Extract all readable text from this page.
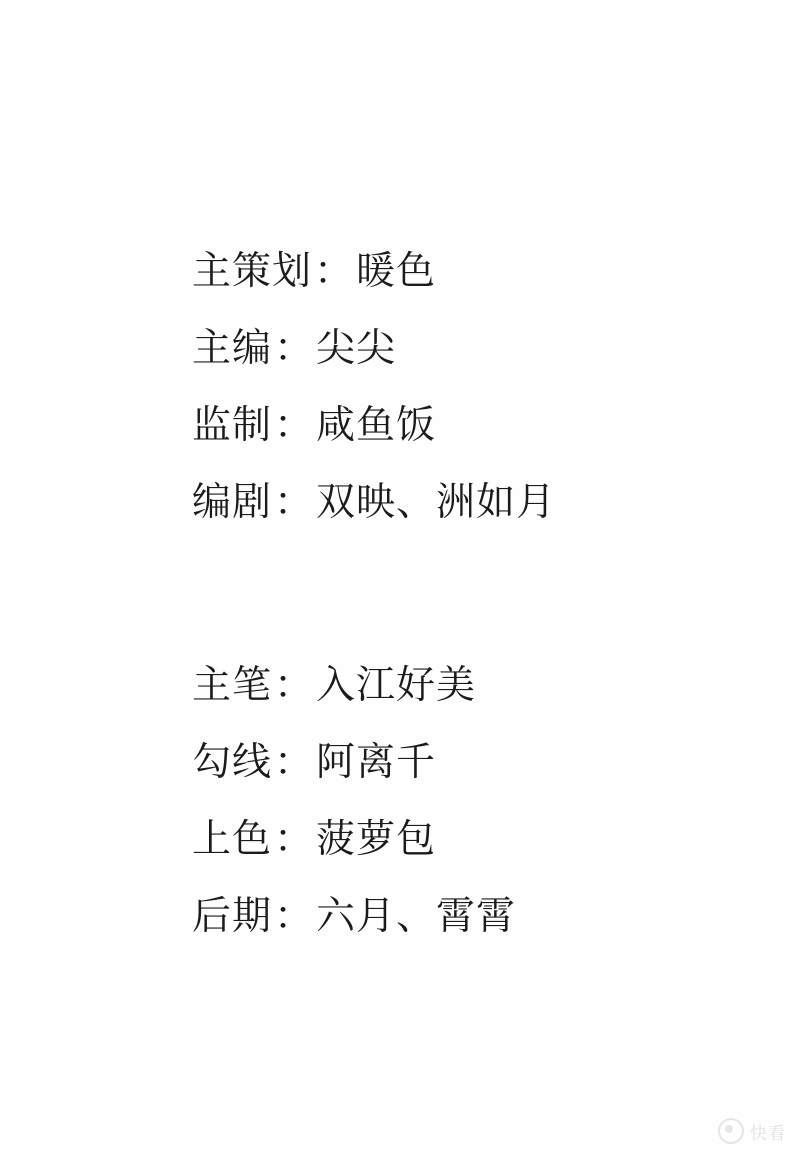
主策划 ： 暖色
主编 ： 尖尖
监制 ： 咸鱼饭
编剧 ： 双映、洲如月
主笔 ： 入江好美
勾线 ： 阿离千
上色 ： 菠萝包
后期 ： 六月、霄霄
快看
